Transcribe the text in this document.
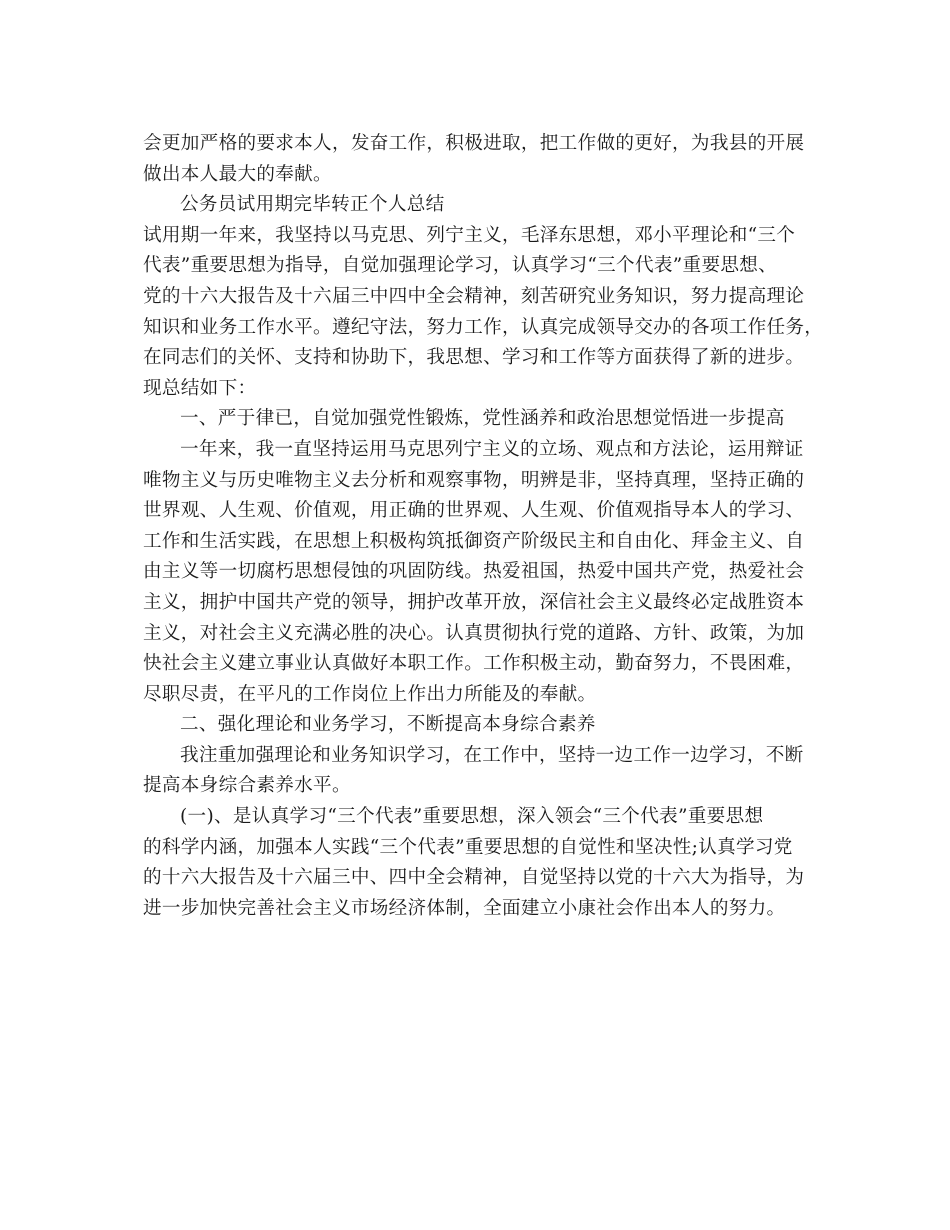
会更加严格的要求本人，发奋工作，积极进取，把工作做的更好，为我县的开展
做出本人最大的奉献。
公务员试用期完毕转正个人总结
试用期一年来，我坚持以马克思、列宁主义，毛泽东思想，邓小平理论和“三个
代表”重要思想为指导，自觉加强理论学习，认真学习“三个代表”重要思想、
党的十六大报告及十六届三中四中全会精神，刻苦研究业务知识，努力提高理论
知识和业务工作水平。遵纪守法，努力工作，认真完成领导交办的各项工作任务，
在同志们的关怀、支持和协助下，我思想、学习和工作等方面获得了新的进步。
现总结如下：
一、严于律已，自觉加强党性锻炼，党性涵养和政治思想觉悟进一步提高
一年来，我一直坚持运用马克思列宁主义的立场、观点和方法论，运用辩证
唯物主义与历史唯物主义去分析和观察事物，明辨是非，坚持真理，坚持正确的
世界观、人生观、价值观，用正确的世界观、人生观、价值观指导本人的学习、
工作和生活实践，在思想上积极构筑抵御资产阶级民主和自由化、拜金主义、自
由主义等一切腐朽思想侵蚀的巩固防线。热爱祖国，热爱中国共产党，热爱社会
主义，拥护中国共产党的领导，拥护改革开放，深信社会主义最终必定战胜资本
主义，对社会主义充满必胜的决心。认真贯彻执行党的道路、方针、政策，为加
快社会主义建立事业认真做好本职工作。工作积极主动，勤奋努力，不畏困难，
尽职尽责，在平凡的工作岗位上作出力所能及的奉献。
二、强化理论和业务学习，不断提高本身综合素养
我注重加强理论和业务知识学习，在工作中，坚持一边工作一边学习，不断
提高本身综合素养水平。
(一)、是认真学习“三个代表”重要思想，深入领会“三个代表”重要思想
的科学内涵，加强本人实践“三个代表”重要思想的自觉性和坚决性;认真学习党
的十六大报告及十六届三中、四中全会精神，自觉坚持以党的十六大为指导，为
进一步加快完善社会主义市场经济体制，全面建立小康社会作出本人的努力。
